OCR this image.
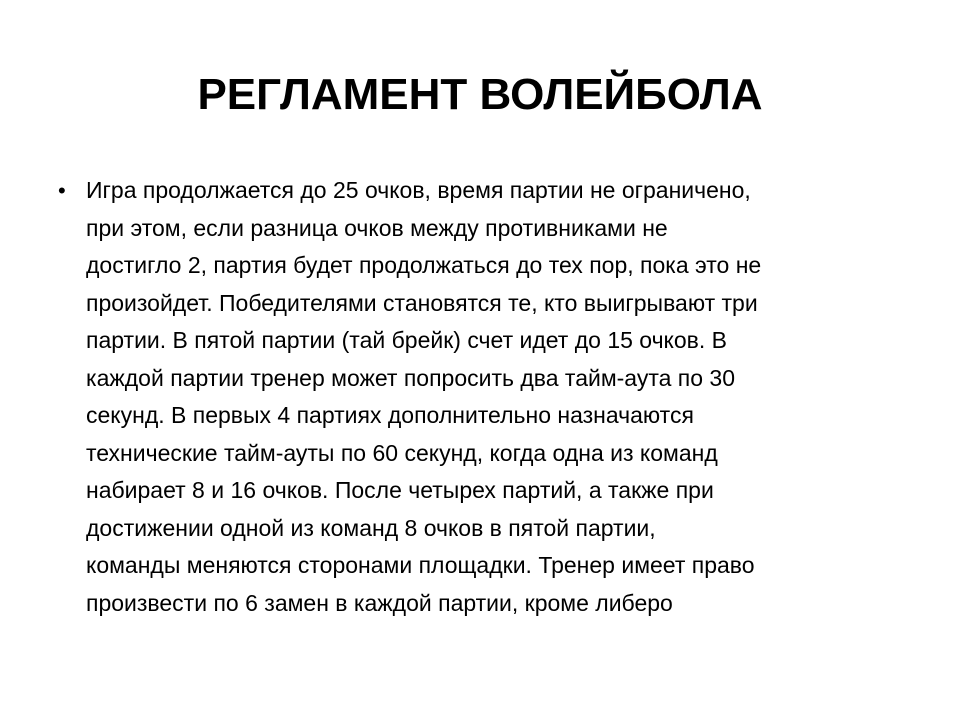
РЕГЛАМЕНТ ВОЛЕЙБОЛА
• Игра продолжается до 25 очков, время партии не ограничено,
при этом, если разница очков между противниками не
достигло 2, партия будет продолжаться до тех пор, пока это не
произойдет. Победителями становятся те, кто выигрывают три
партии. В пятой партии (тай брейк) счет идет до 15 очков. В
каждой партии тренер может попросить два тайм-аута по 30
секунд. В первых 4 партиях дополнительно назначаются
технические тайм-ауты по 60 секунд, когда одна из команд
набирает 8 и 16 очков. После четырех партий, а также при
достижении одной из команд 8 очков в пятой партии,
команды меняются сторонами площадки. Тренер имеет право
произвести по 6 замен в каждой партии, кроме либеро
